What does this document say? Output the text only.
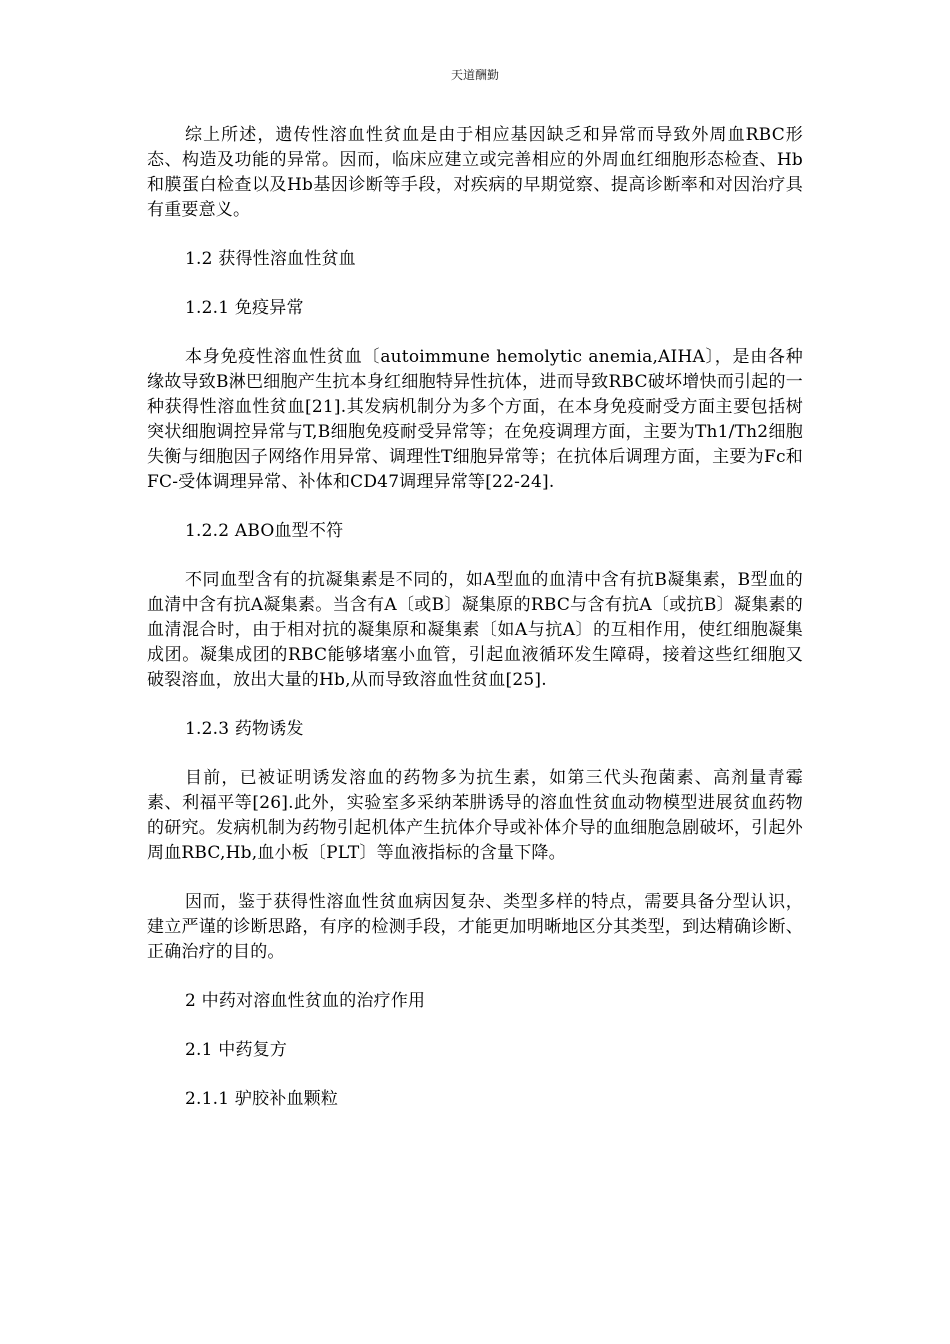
天道酬勤

综上所述，遗传性溶血性贫血是由于相应基因缺乏和异常而导致外周血RBC形态、构造及功能的异常。因而，临床应建立或完善相应的外周血红细胞形态检查、Hb和膜蛋白检查以及Hb基因诊断等手段，对疾病的早期觉察、提高诊断率和对因治疗具有重要意义。

1.2 获得性溶血性贫血

1.2.1 免疫异常

本身免疫性溶血性贫血〔autoimmune hemolytic anemia,AIHA〕，是由各种缘故导致B淋巴细胞产生抗本身红细胞特异性抗体，进而导致RBC破坏增快而引起的一种获得性溶血性贫血[21].其发病机制分为多个方面，在本身免疫耐受方面主要包括树突状细胞调控异常与T,B细胞免疫耐受异常等；在免疫调理方面，主要为Th1/Th2细胞失衡与细胞因子网络作用异常、调理性T细胞异常等；在抗体后调理方面，主要为Fc和FC-受体调理异常、补体和CD47调理异常等[22-24].

1.2.2 ABO血型不符

不同血型含有的抗凝集素是不同的，如A型血的血清中含有抗B凝集素，B型血的血清中含有抗A凝集素。当含有A〔或B〕凝集原的RBC与含有抗A〔或抗B〕凝集素的血清混合时，由于相对抗的凝集原和凝集素〔如A与抗A〕的互相作用，使红细胞凝集成团。凝集成团的RBC能够堵塞小血管，引起血液循环发生障碍，接着这些红细胞又破裂溶血，放出大量的Hb,从而导致溶血性贫血[25].

1.2.3 药物诱发

目前，已被证明诱发溶血的药物多为抗生素，如第三代头孢菌素、高剂量青霉素、利福平等[26].此外，实验室多采纳苯肼诱导的溶血性贫血动物模型进展贫血药物的研究。发病机制为药物引起机体产生抗体介导或补体介导的血细胞急剧破坏，引起外周血RBC,Hb,血小板〔PLT〕等血液指标的含量下降。

因而，鉴于获得性溶血性贫血病因复杂、类型多样的特点，需要具备分型认识，建立严谨的诊断思路，有序的检测手段，才能更加明晰地区分其类型，到达精确诊断、正确治疗的目的。

2 中药对溶血性贫血的治疗作用

2.1 中药复方

2.1.1 驴胶补血颗粒
